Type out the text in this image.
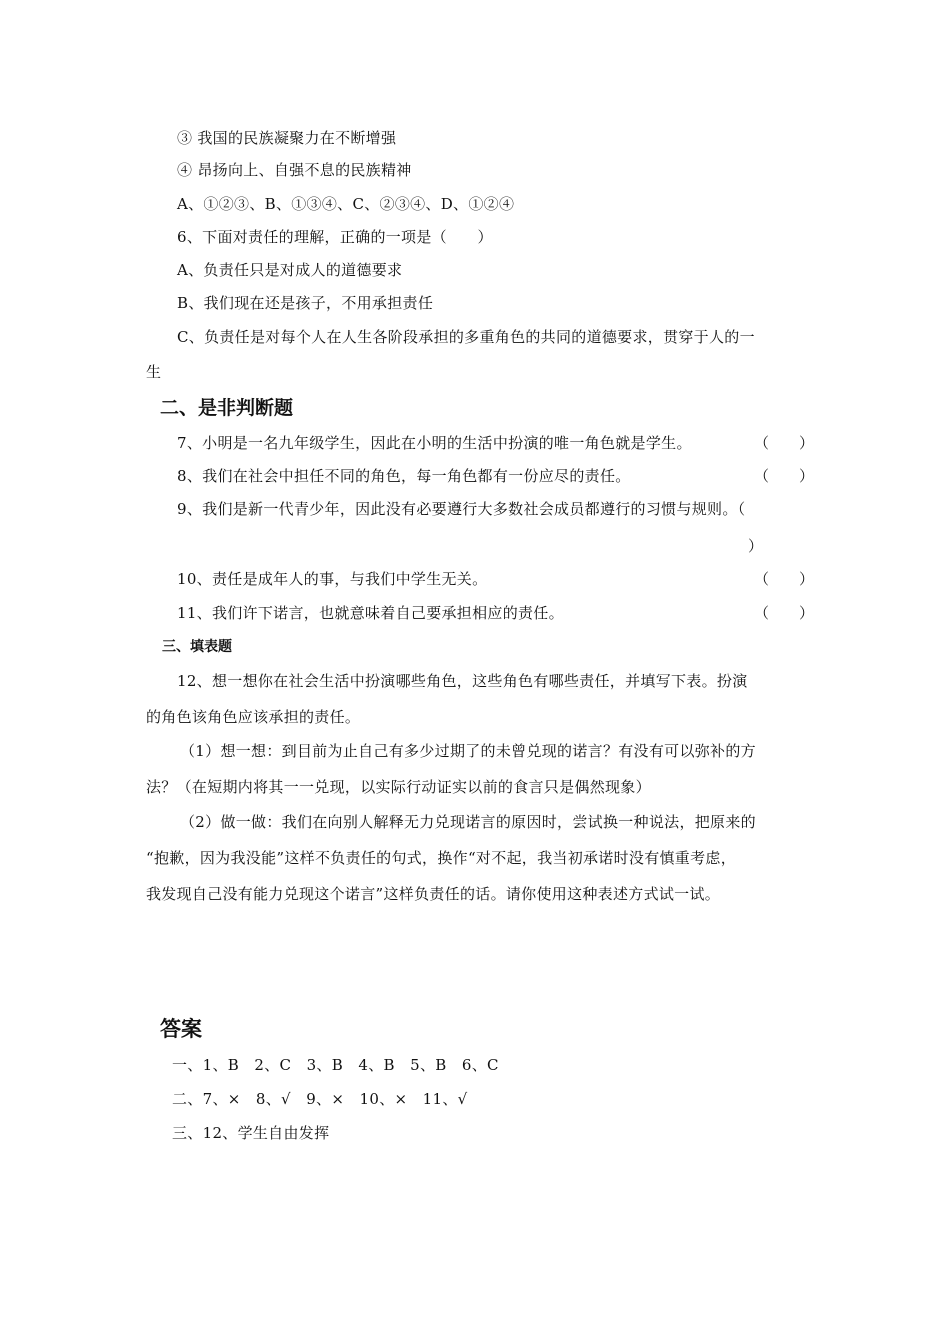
③ 我国的民族凝聚力在不断增强
④ 昂扬向上、自强不息的民族精神
A、①②③、B、①③④、C、②③④、D、①②④
6、下面对责任的理解，正确的一项是（　　）
A、负责任只是对成人的道德要求
B、我们现在还是孩子，不用承担责任
C、负责任是对每个人在人生各阶段承担的多重角色的共同的道德要求，贯穿于人的一
生
二、是非判断题
7、小明是一名九年级学生，因此在小明的生活中扮演的唯一角色就是学生。	（　　）
8、我们在社会中担任不同的角色，每一角色都有一份应尽的责任。	（　　）
9、我们是新一代青少年，因此没有必要遵行大多数社会成员都遵行的习惯与规则。（
）
10、责任是成年人的事，与我们中学生无关。	（　　）
11、我们许下诺言，也就意味着自己要承担相应的责任。	（　　）
三、填表题
12、想一想你在社会生活中扮演哪些角色，这些角色有哪些责任，并填写下表。扮演
的角色该角色应该承担的责任。
（1）想一想：到目前为止自己有多少过期了的未曾兑现的诺言？有没有可以弥补的方
法？（在短期内将其一一兑现，以实际行动证实以前的食言只是偶然现象）
（2）做一做：我们在向别人解释无力兑现诺言的原因时，尝试换一种说法，把原来的
“抱歉，因为我没能”这样不负责任的句式，换作“对不起，我当初承诺时没有慎重考虑，
我发现自己没有能力兑现这个诺言”这样负责任的话。请你使用这种表述方式试一试。
答案
一、1、B　2、C　3、B　4、B　5、B　6、C
二、7、×　8、√　9、×　10、×　11、√
三、12、学生自由发挥
